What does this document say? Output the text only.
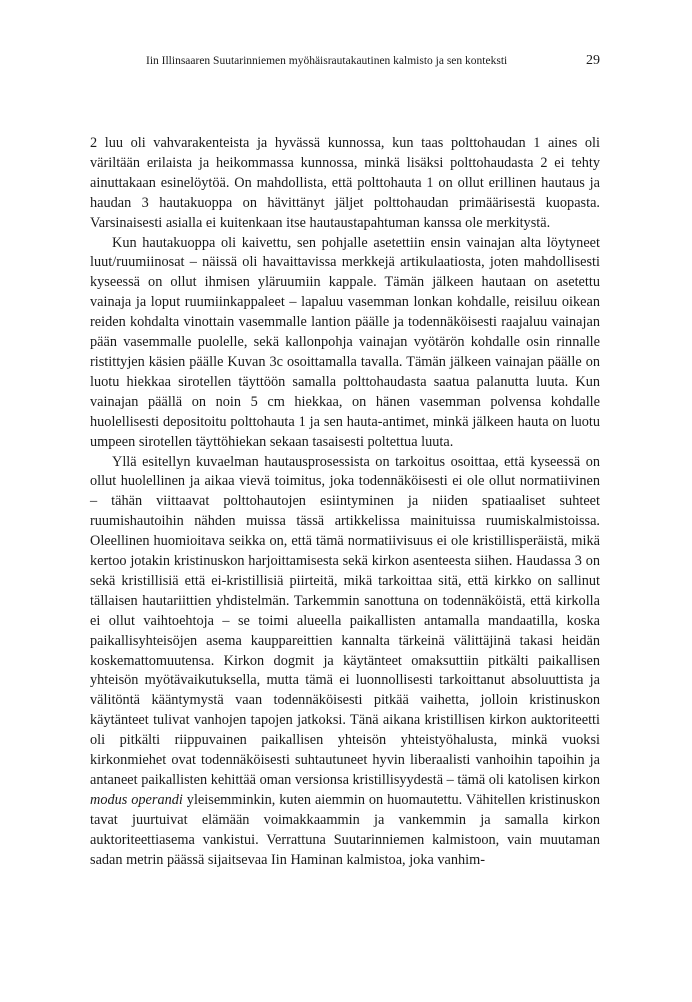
Iin Illinsaaren Suutarinniemen myöhäisrautakautinen kalmisto ja sen konteksti	29

2 luu oli vahvarakenteista ja hyvässä kunnossa, kun taas polttohaudan 1 aines oli väriltään erilaista ja heikommassa kunnossa, minkä lisäksi polttohaudasta 2 ei tehty ainuttakaan esinelöytöä. On mahdollista, että polttohauta 1 on ollut erillinen hautaus ja haudan 3 hautakuoppa on hävittänyt jäljet polttohaudan primäärisestä kuopasta. Varsinaisesti asialla ei kuitenkaan itse hautaustapahtuman kanssa ole merkitystä.

Kun hautakuoppa oli kaivettu, sen pohjalle asetettiin ensin vainajan alta löytyneet luut/ruumiinosat – näissä oli havaittavissa merkkejä artikulaatiosta, joten mahdollisesti kyseessä on ollut ihmisen yläruumiin kappale. Tämän jälkeen hautaan on asetettu vainaja ja loput ruumiinkappaleet – lapaluu vasemman lonkan kohdalle, reisiluu oikean reiden kohdalta vinottain vasemmalle lantion päälle ja todennäköisesti raajaluu vainajan pään vasemmalle puolelle, sekä kallonpohja vainajan vyötärön kohdalle osin rinnalle ristittyjen käsien päälle Kuvan 3c osoittamalla tavalla. Tämän jälkeen vainajan päälle on luotu hiekkaa sirotellen täyttöön samalla polttohaudasta saatua palanutta luuta. Kun vainajan päällä on noin 5 cm hiekkaa, on hänen vasemman polvensa kohdalle huolellisesti depositoitu polttohauta 1 ja sen hauta-antimet, minkä jälkeen hauta on luotu umpeen sirotellen täyttöhiekan sekaan tasaisesti poltettua luuta.

Yllä esitellyn kuvaelman hautausprosessista on tarkoitus osoittaa, että kyseessä on ollut huolellinen ja aikaa vievä toimitus, joka todennäköisesti ei ole ollut normatiivinen – tähän viittaavat polttohautojen esiintyminen ja niiden spatiaaliset suhteet ruumishautoihin nähden muissa tässä artikkelissa mainituissa ruumiskalmistoissa. Oleellinen huomioitava seikka on, että tämä normatiivisuus ei ole kristillisperäistä, mikä kertoo jotakin kristinuskon harjoittamisesta sekä kirkon asenteesta siihen. Haudassa 3 on sekä kristillisiä että ei-kristillisiä piirteitä, mikä tarkoittaa sitä, että kirkko on sallinut tällaisen hautariittien yhdistelmän. Tarkemmin sanottuna on todennäköistä, että kirkolla ei ollut vaihtoehtoja – se toimi alueella paikallisten antamalla mandaatilla, koska paikallisyhteisöjen asema kauppareittien kannalta tärkeinä välittäjinä takasi heidän koskemattomuutensa. Kirkon dogmit ja käytänteet omaksuttiin pitkälti paikallisen yhteisön myötävaikutuksella, mutta tämä ei luonnollisesti tarkoittanut absoluuttista ja välitöntä kääntymystä vaan todennäköisesti pitkää vaihetta, jolloin kristinuskon käytänteet tulivat vanhojen tapojen jatkoksi. Tänä aikana kristillisen kirkon auktoriteetti oli pitkälti riippuvainen paikallisen yhteisön yhteistyöhalusta, minkä vuoksi kirkonmiehet ovat todennäköisesti suhtautuneet hyvin liberaalisti vanhoihin tapoihin ja antaneet paikallisten kehittää oman versionsa kristillisyydestä – tämä oli katolisen kirkon modus operandi yleisemminkin, kuten aiemmin on huomautettu. Vähitellen kristinuskon tavat juurtuivat elämään voimakkaammin ja vankemmin ja samalla kirkon auktoriteettiasema vankistui. Verrattuna Suutarinniemen kalmistoon, vain muutaman sadan metrin päässä sijaitsevaa Iin Haminan kalmistoa, joka vanhim-
